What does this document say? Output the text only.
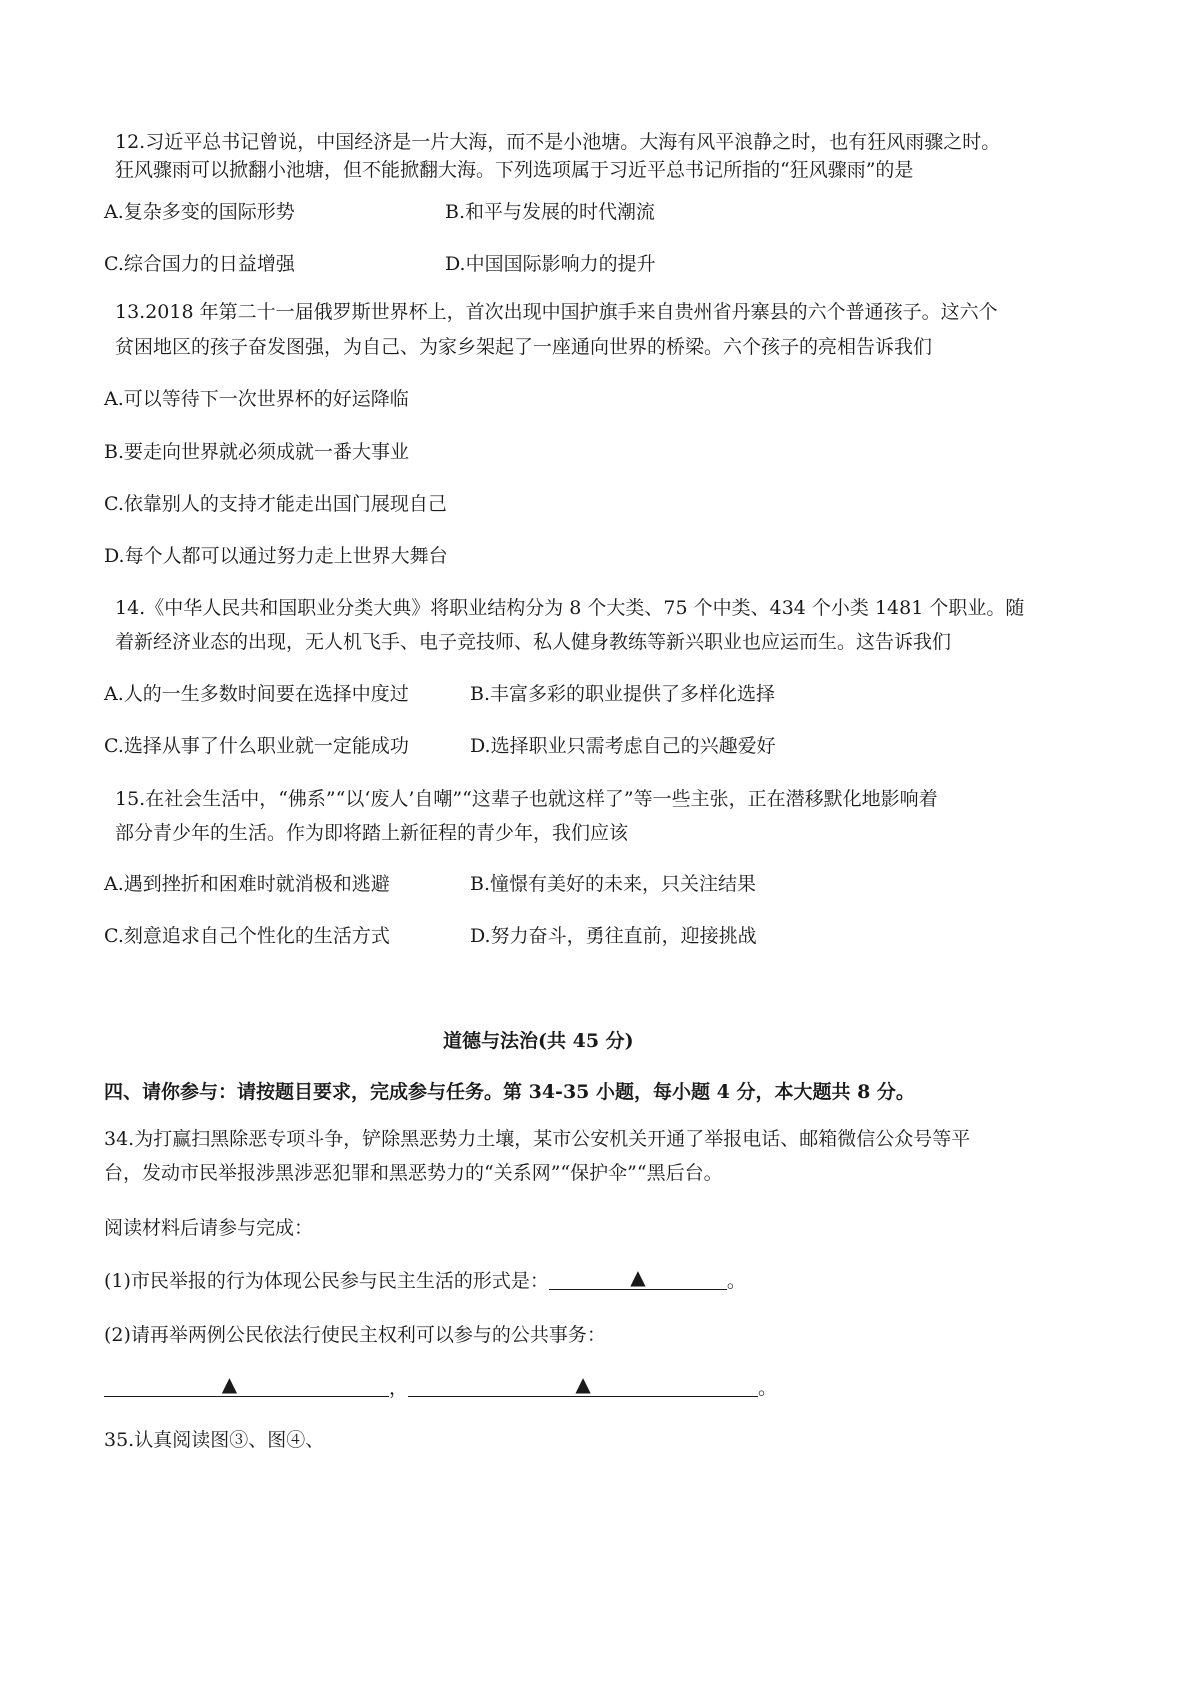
12.习近平总书记曾说，中国经济是一片大海，而不是小池塘。大海有风平浪静之时，也有狂风雨骤之时。
狂风骤雨可以掀翻小池塘，但不能掀翻大海。下列选项属于习近平总书记所指的“狂风骤雨”的是
A.复杂多变的国际形势	B.和平与发展的时代潮流
C.综合国力的日益增强	D.中国国际影响力的提升
13.2018 年第二十一届俄罗斯世界杯上，首次出现中国护旗手来自贵州省丹寨县的六个普通孩子。这六个
贫困地区的孩子奋发图强，为自己、为家乡架起了一座通向世界的桥梁。六个孩子的亮相告诉我们
A.可以等待下一次世界杯的好运降临
B.要走向世界就必须成就一番大事业
C.依靠别人的支持才能走出国门展现自己
D.每个人都可以通过努力走上世界大舞台
14.《中华人民共和国职业分类大典》将职业结构分为 8 个大类、75 个中类、434 个小类 1481 个职业。随
着新经济业态的出现，无人机飞手、电子竞技师、私人健身教练等新兴职业也应运而生。这告诉我们
A.人的一生多数时间要在选择中度过	B.丰富多彩的职业提供了多样化选择
C.选择从事了什么职业就一定能成功	D.选择职业只需考虑自己的兴趣爱好
15.在社会生活中，“佛系”“以‘废人’自嘲”“这辈子也就这样了”等一些主张，正在潜移默化地影响着
部分青少年的生活。作为即将踏上新征程的青少年，我们应该
A.遇到挫折和困难时就消极和逃避	B.憧憬有美好的未来，只关注结果
C.刻意追求自己个性化的生活方式	D.努力奋斗，勇往直前，迎接挑战
道德与法治(共 45 分)
四、请你参与：请按题目要求，完成参与任务。第 34-35 小题，每小题 4 分，本大题共 8 分。
34.为打赢扫黑除恶专项斗争，铲除黑恶势力土壤，某市公安机关开通了举报电话、邮箱微信公众号等平
台，发动市民举报涉黑涉恶犯罪和黑恶势力的“关系网”“保护伞”“黑后台。
阅读材料后请参与完成：
(1)市民举报的行为体现公民参与民主生活的形式是：	▲	。
(2)请再举两例公民依法行使民主权利可以参与的公共事务：
▲	，	▲	。
35.认真阅读图③、图④、
